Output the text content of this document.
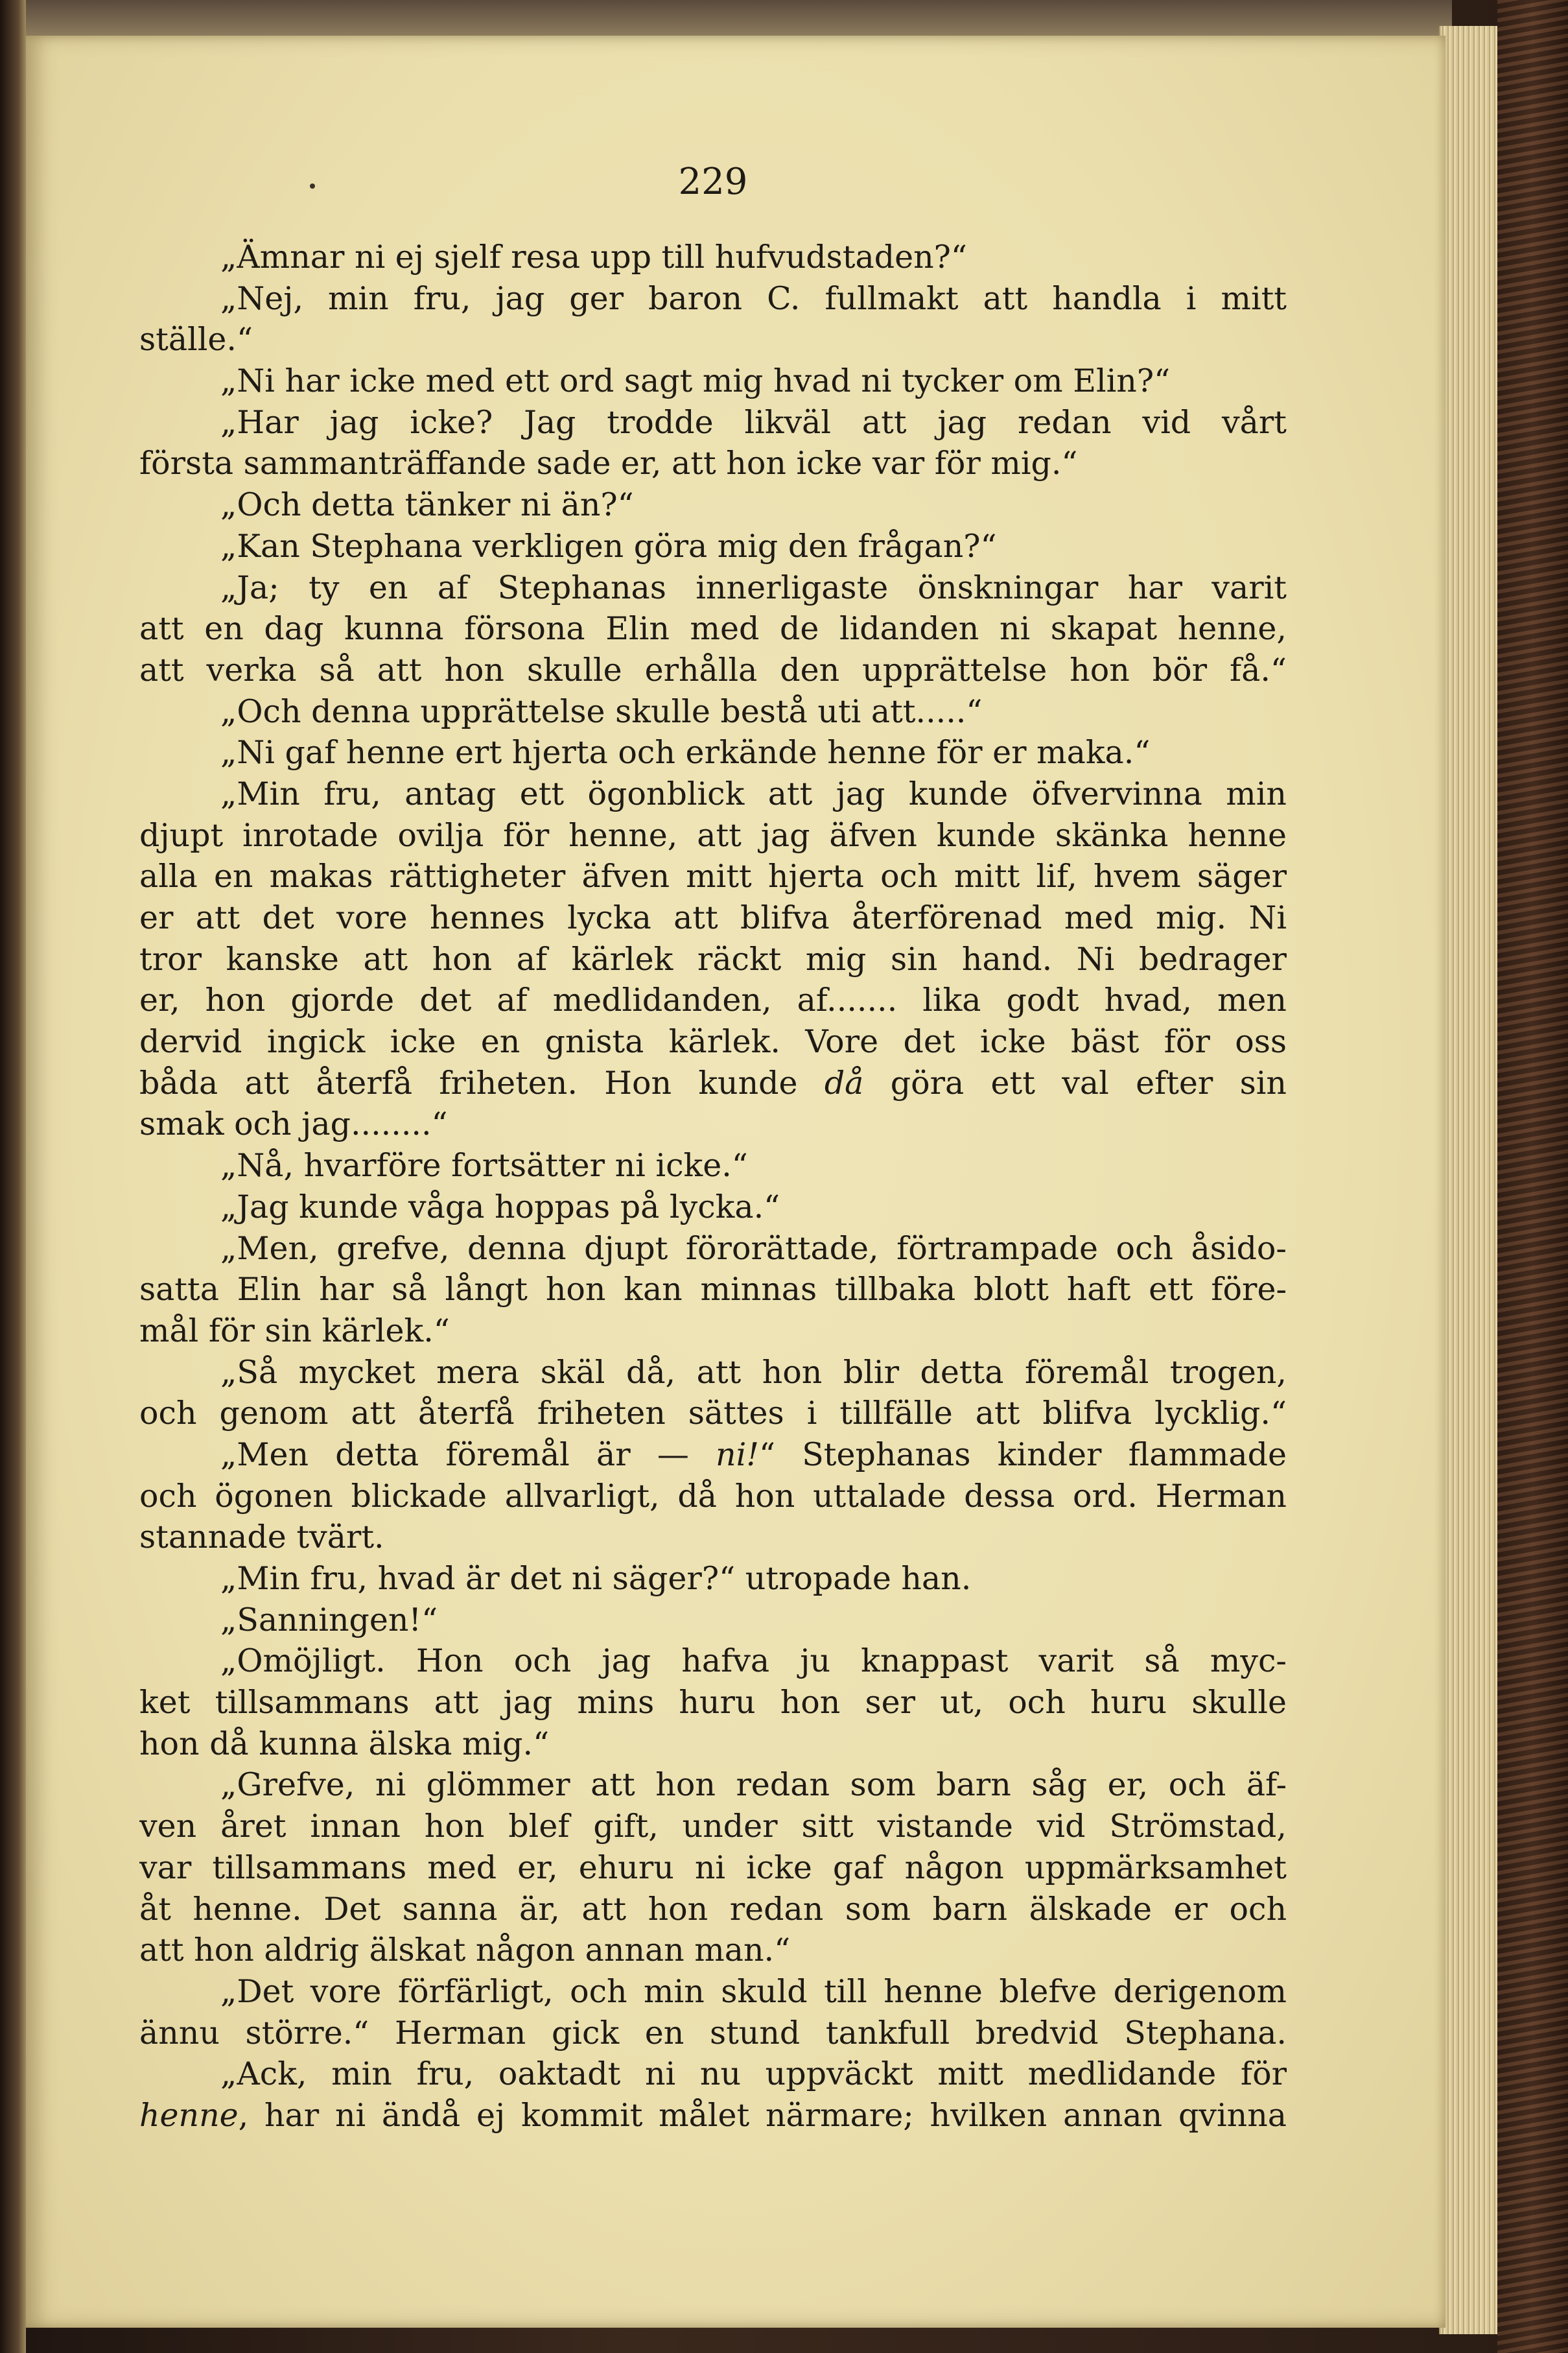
229
„Ämnar ni ej sjelf resa upp till hufvudstaden?“
„Nej, min fru, jag ger baron C. fullmakt att handla i mitt
ställe.“
„Ni har icke med ett ord sagt mig hvad ni tycker om Elin?“
„Har jag icke? Jag trodde likväl att jag redan vid vårt
första sammanträffande sade er, att hon icke var för mig.“
„Och detta tänker ni än?“
„Kan Stephana verkligen göra mig den frågan?“
„Ja; ty en af Stephanas innerligaste önskningar har varit
att en dag kunna försona Elin med de lidanden ni skapat henne,
att verka så att hon skulle erhålla den upprättelse hon bör få.“
„Och denna upprättelse skulle bestå uti att.....“
„Ni gaf henne ert hjerta och erkände henne för er maka.“
„Min fru, antag ett ögonblick att jag kunde öfvervinna min
djupt inrotade ovilja för henne, att jag äfven kunde skänka henne
alla en makas rättigheter äfven mitt hjerta och mitt lif, hvem säger
er att det vore hennes lycka att blifva återförenad med mig. Ni
tror kanske att hon af kärlek räckt mig sin hand. Ni bedrager
er, hon gjorde det af medlidanden, af....... lika godt hvad, men
dervid ingick icke en gnista kärlek. Vore det icke bäst för oss
båda att återfå friheten. Hon kunde då göra ett val efter sin
smak och jag........“
„Nå, hvarföre fortsätter ni icke.“
„Jag kunde våga hoppas på lycka.“
„Men, grefve, denna djupt förorättade, förtrampade och åsido-
satta Elin har så långt hon kan minnas tillbaka blott haft ett före-
mål för sin kärlek.“
„Så mycket mera skäl då, att hon blir detta föremål trogen,
och genom att återfå friheten sättes i tillfälle att blifva lycklig.“
„Men detta föremål är — ni!“ Stephanas kinder flammade
och ögonen blickade allvarligt, då hon uttalade dessa ord. Herman
stannade tvärt.
„Min fru, hvad är det ni säger?“ utropade han.
„Sanningen!“
„Omöjligt. Hon och jag hafva ju knappast varit så myc-
ket tillsammans att jag mins huru hon ser ut, och huru skulle
hon då kunna älska mig.“
„Grefve, ni glömmer att hon redan som barn såg er, och äf-
ven året innan hon blef gift, under sitt vistande vid Strömstad,
var tillsammans med er, ehuru ni icke gaf någon uppmärksamhet
åt henne. Det sanna är, att hon redan som barn älskade er och
att hon aldrig älskat någon annan man.“
„Det vore förfärligt, och min skuld till henne blefve derigenom
ännu större.“ Herman gick en stund tankfull bredvid Stephana.
„Ack, min fru, oaktadt ni nu uppväckt mitt medlidande för
henne, har ni ändå ej kommit målet närmare; hvilken annan qvinna
